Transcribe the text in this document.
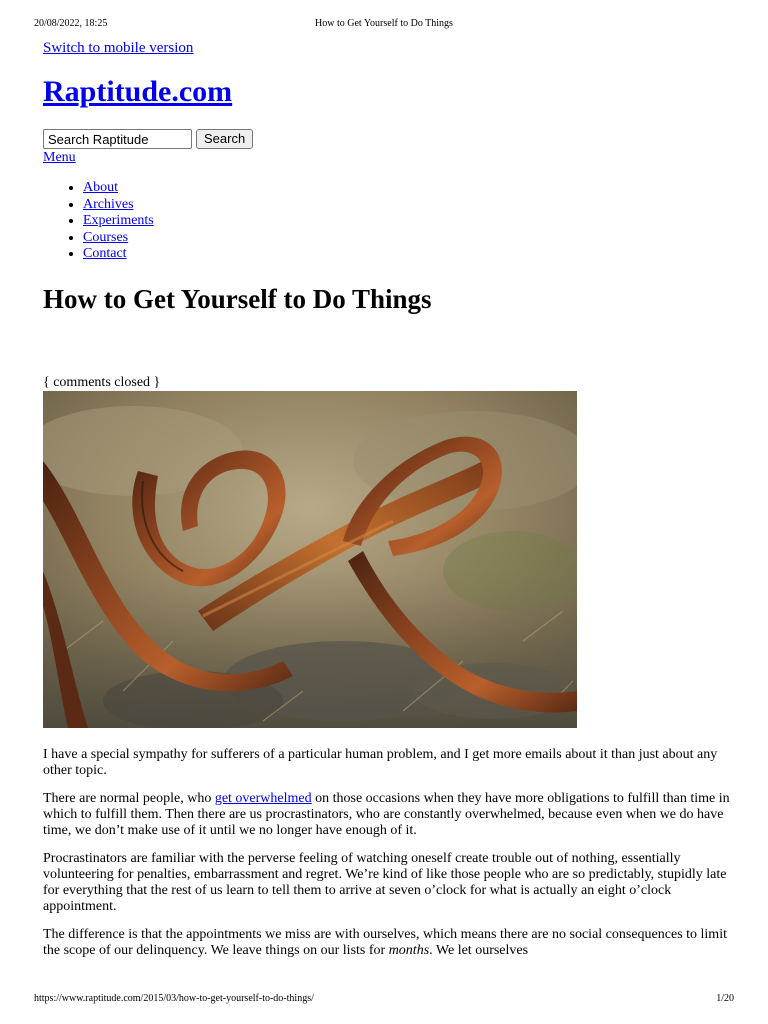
20/08/2022, 18:25	How to Get Yourself to Do Things
Switch to mobile version
Raptitude.com
Search Raptitude
Search
Menu
• About
• Archives
• Experiments
• Courses
• Contact
How to Get Yourself to Do Things
{ comments closed }

I have a special sympathy for sufferers of a particular human problem, and I get more emails about it than just about any other topic.

There are normal people, who get overwhelmed on those occasions when they have more obligations to fulfill than time in which to fulfill them. Then there are us procrastinators, who are constantly overwhelmed, because even when we do have time, we don’t make use of it until we no longer have enough of it.

Procrastinators are familiar with the perverse feeling of watching oneself create trouble out of nothing, essentially volunteering for penalties, embarrassment and regret. We’re kind of like those people who are so predictably, stupidly late for everything that the rest of us learn to tell them to arrive at seven o’clock for what is actually an eight o’clock appointment.

The difference is that the appointments we miss are with ourselves, which means there are no social consequences to limit the scope of our delinquency. We leave things on our lists for months. We let ourselves

https://www.raptitude.com/2015/03/how-to-get-yourself-to-do-things/	1/20
